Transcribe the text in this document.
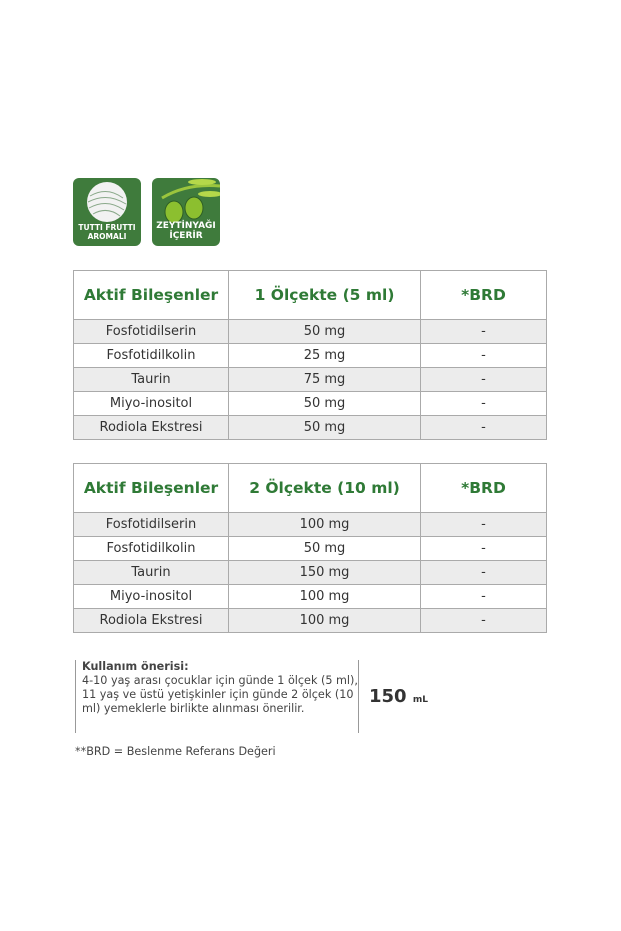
TUTTI FRUTTI
AROMALI
ZEYTİNYAĞI
İÇERİR
Aktif Bileşenler	1 Ölçekte (5 ml)	*BRD
Fosfotidilserin	50 mg	-
Fosfotidilkolin	25 mg	-
Taurin	75 mg	-
Miyo-inositol	50 mg	-
Rodiola Ekstresi	50 mg	-
Aktif Bileşenler	2 Ölçekte (10 ml)	*BRD
Fosfotidilserin	100 mg	-
Fosfotidilkolin	50 mg	-
Taurin	150 mg	-
Miyo-inositol	100 mg	-
Rodiola Ekstresi	100 mg	-
Kullanım önerisi:
4-10 yaş arası çocuklar için günde 1 ölçek (5 ml), 11 yaş ve üstü yetişkinler için günde 2 ölçek (10 ml) yemeklerle birlikte alınması önerilir.
150 mL
**BRD = Beslenme Referans Değeri
